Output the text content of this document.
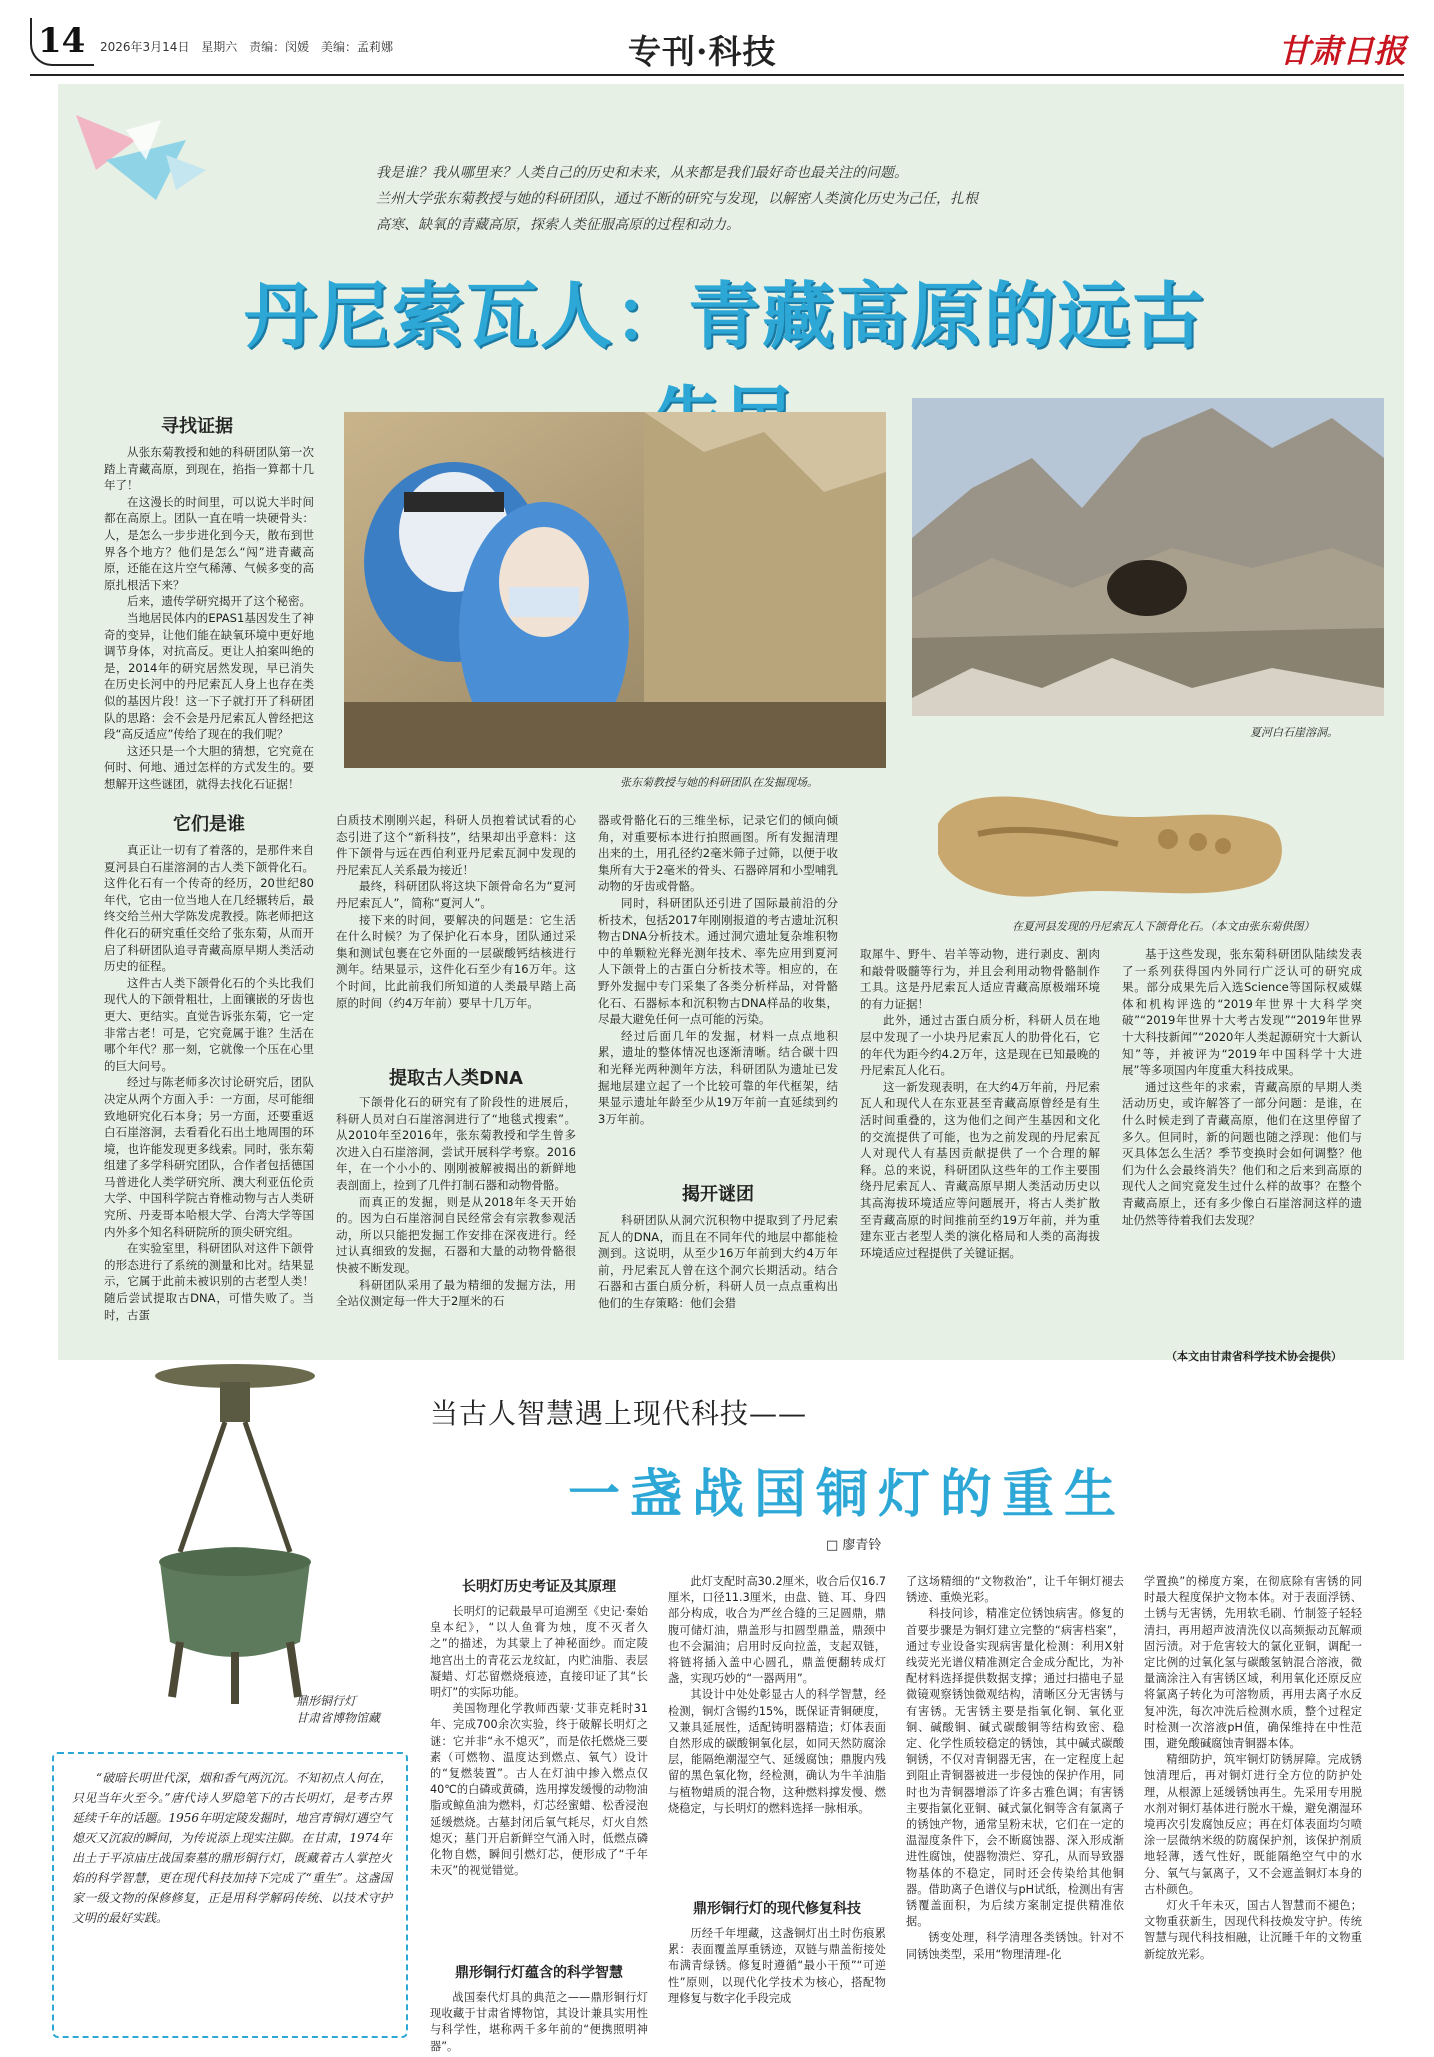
14	2026年3月14日 星期六 责编：闵媛 美编：孟莉娜	专刊·科技	甘肃日报

我是谁？我从哪里来？人类自己的历史和未来，从来都是我们最好奇也最关注的问题。

兰州大学张东菊教授与她的科研团队，通过不断的研究与发现，以解密人类演化历史为己任，扎根

高寒、缺氧的青藏高原，探索人类征服高原的过程和动力。

丹尼索瓦人：青藏高原的远古
张东菊教授与她的科研团队在发掘现场。
夏河白石崖溶洞。
在夏河县发现的丹尼索瓦人下颌骨化石。（本文由张东菊供图）
寻找证据

从张东菊教授和她的科研团队第一次踏上青藏高原，到现在，掐指一算都十几年了！

在这漫长的时间里，可以说大半时间都在高原上。团队一直在啃一块硬骨头：人，是怎么一步步进化到今天，散布到世界各个地方？他们是怎么“闯”进青藏高原，还能在这片空气稀薄、气候多变的高原扎根活下来？

后来，遗传学研究揭开了这个秘密。

当地居民体内的EPAS1基因发生了神奇的变异，让他们能在缺氧环境中更好地调节身体，对抗高反。更让人拍案叫绝的是，2014年的研究居然发现，早已消失在历史长河中的丹尼索瓦人身上也存在类似的基因片段！这一下子就打开了科研团队的思路：会不会是丹尼索瓦人曾经把这段“高反适应”传给了现在的我们呢？

这还只是一个大胆的猜想，它究竟在何时、何地、通过怎样的方式发生的。要想解开这些谜团，就得去找化石证据！

它们是谁

真正让一切有了着落的，是那件来自夏河县白石崖溶洞的古人类下颌骨化石。这件化石有一个传奇的经历，20世纪80年代，它由一位当地人在几经辗转后，最终交给兰州大学陈发虎教授。陈老师把这件化石的研究重任交给了张东菊，从而开启了科研团队追寻青藏高原早期人类活动历史的征程。

这件古人类下颌骨化石的个头比我们现代人的下颌骨粗壮，上面镶嵌的牙齿也更大、更结实。直觉告诉张东菊，它一定非常古老！可是，它究竟属于谁？生活在哪个年代？那一刻，它就像一个压在心里的巨大问号。

经过与陈老师多次讨论研究后，团队决定从两个方面入手：一方面，尽可能细致地研究化石本身；另一方面，还要重返白石崖溶洞，去看看化石出土地周围的环境，也许能发现更多线索。同时，张东菊组建了多学科研究团队，合作者包括德国马普进化人类学研究所、澳大利亚伍伦贡大学、中国科学院古脊椎动物与古人类研究所、丹麦哥本哈根大学、台湾大学等国内外多个知名科研院所的顶尖研究组。

在实验室里，科研团队对这件下颌骨的形态进行了系统的测量和比对。结果显示，它属于此前未被识别的古老型人类！随后尝试提取古DNA，可惜失败了。当时，古蛋

白质技术刚刚兴起，科研人员抱着试试看的心态引进了这个“新科技”，结果却出乎意料：这件下颌骨与远在西伯利亚丹尼索瓦洞中发现的丹尼索瓦人关系最为接近！

最终，科研团队将这块下颌骨命名为“夏河丹尼索瓦人”，简称“夏河人”。

接下来的时间，要解决的问题是：它生活在什么时候？为了保护化石本身，团队通过采集和测试包裹在它外面的一层碳酸钙结核进行测年。结果显示，这件化石至少有16万年。这个时间，比此前我们所知道的人类最早踏上高原的时间（约4万年前）要早十几万年。

提取古人类DNA

下颌骨化石的研究有了阶段性的进展后，科研人员对白石崖溶洞进行了“地毯式搜索”。从2010年至2016年，张东菊教授和学生曾多次进入白石崖溶洞，尝试开展科学考察。2016年，在一个小小的、刚刚被解被揭出的新鲜地表剖面上，捡到了几件打制石器和动物骨骼。

而真正的发掘，则是从2018年冬天开始的。因为白石崖溶洞自民经常会有宗教参观活动，所以只能把发掘工作安排在深夜进行。经过认真细致的发掘，石器和大量的动物骨骼很快被不断发现。

科研团队采用了最为精细的发掘方法，用全站仪测定每一件大于2厘米的石

器或骨骼化石的三维坐标，记录它们的倾向倾角，对重要标本进行拍照画图。所有发掘清理出来的土，用孔径约2毫米筛子过筛，以便于收集所有大于2毫米的骨头、石器碎屑和小型哺乳动物的牙齿或骨骼。

同时，科研团队还引进了国际最前沿的分析技术，包括2017年刚刚报道的考古遗址沉积物古DNA分析技术。通过洞穴遗址复杂堆积物中的单颗粒光释光测年技术、率先应用到夏河人下颌骨上的古蛋白分析技术等。相应的，在野外发掘中专门采集了各类分析样品，对骨骼化石、石器标本和沉积物古DNA样品的收集，尽最大避免任何一点可能的污染。

经过后面几年的发掘，材料一点点地积累，遗址的整体情况也逐渐清晰。结合碳十四和光释光两种测年方法，科研团队为遗址已发掘地层建立起了一个比较可靠的年代框架，结果显示遗址年龄至少从19万年前一直延续到约3万年前。

揭开谜团

科研团队从洞穴沉积物中提取到了丹尼索瓦人的DNA，而且在不同年代的地层中都能检测到。这说明，从至少16万年前到大约4万年前，丹尼索瓦人曾在这个洞穴长期活动。结合石器和古蛋白质分析，科研人员一点点重构出他们的生存策略：他们会猎

取犀牛、野牛、岩羊等动物，进行剥皮、割肉和敲骨吸髓等行为，并且会利用动物骨骼制作工具。这是丹尼索瓦人适应青藏高原极端环境的有力证据！

此外，通过古蛋白质分析，科研人员在地层中发现了一小块丹尼索瓦人的肋骨化石，它的年代为距今约4.2万年，这是现在已知最晚的丹尼索瓦人化石。

这一新发现表明，在大约4万年前，丹尼索瓦人和现代人在东亚甚至青藏高原曾经是有生活时间重叠的，这为他们之间产生基因和文化的交流提供了可能，也为之前发现的丹尼索瓦人对现代人有基因贡献提供了一个合理的解释。总的来说，科研团队这些年的工作主要围绕丹尼索瓦人、青藏高原早期人类活动历史以其高海拔环境适应等问题展开，将古人类扩散至青藏高原的时间推前至约19万年前，并为重建东亚古老型人类的演化格局和人类的高海拔环境适应过程提供了关键证据。

基于这些发现，张东菊科研团队陆续发表了一系列获得国内外同行广泛认可的研究成果。部分成果先后入选Science等国际权威媒体和机构评选的“2019年世界十大科学突破”“2019年世界十大考古发现”“2019年世界十大科技新闻”“2020年人类起源研究十大新认知”等，并被评为“2019年中国科学十大进展”等多项国内年度重大科技成果。

通过这些年的求索，青藏高原的早期人类活动历史，或许解答了一部分问题：是谁，在什么时候走到了青藏高原，他们在这里停留了多久。但同时，新的问题也随之浮现：他们与灭具体怎么生活？季节变换时会如何调整？他们为什么会最终消失？他们和之后来到高原的现代人之间究竟发生过什么样的故事？在整个青藏高原上，还有多少像白石崖溶洞这样的遗址仍然等待着我们去发现？

（本文由甘肃省科学技术协会提供）
鼎形铜行灯
甘肃省博物馆藏

“破暗长明世代深，烟和香气两沉沉。不知初点人何在，只见当年火至今。”唐代诗人罗隐笔下的古长明灯，是考古界延续千年的话题。1956年明定陵发掘时，地宫青铜灯遇空气熄灭又沉寂的瞬间，为传说添上现实注脚。在甘肃，1974年出土于平凉庙庄战国秦墓的鼎形铜行灯，既藏着古人掌控火焰的科学智慧，更在现代科技加持下完成了“重生”。这盏国家一级文物的保修修复，正是用科学解码传统、以技术守护文明的最好实践。

当古人智慧遇上现代科技——
一盏战国铜灯的重生
□ 廖青铃
长明灯历史考证及其原理

长明灯的记载最早可追溯至《史记·秦始皇本纪》，“以人鱼膏为烛，度不灭者久之”的描述，为其蒙上了神秘面纱。而定陵地宫出土的青花云龙纹缸，内贮油脂、表层凝蜡、灯芯留燃烧痕迹，直接印证了其“长明灯”的实际功能。

美国物理化学教师西蒙·艾菲克耗时31年、完成700余次实验，终于破解长明灯之谜：它并非“永不熄灭”，而是依托燃烧三要素（可燃物、温度达到燃点、氧气）设计的“复燃装置”。古人在灯油中掺入燃点仅40℃的白磷或黄磷，选用撑发缓慢的动物油脂或鲸鱼油为燃料，灯芯经蜜蜡、松香浸泡延缓燃烧。古墓封闭后氧气耗尽，灯火自然熄灭；墓门开启新鲜空气涌入时，低燃点磷化物自燃，瞬间引燃灯芯，便形成了“千年未灭”的视觉错觉。

鼎形铜行灯蕴含的科学智慧

战国秦代灯具的典范之——鼎形铜行灯现收藏于甘肃省博物馆，其设计兼具实用性与科学性，堪称两千多年前的“便携照明神器”。

此灯支配时高30.2厘米，收合后仅16.7厘米，口径11.3厘米，由盘、链、耳、身四部分构成，收合为严丝合缝的三足圆鼎，鼎腹可储灯油，鼎盖形与扣圆型鼎盖，鼎颈中也不会漏油；启用时反向拉盖，支起双链，将链将插入盖中心圆孔，鼎盖便翻转成灯盏，实现巧妙的“一器两用”。

其设计中处处彰显古人的科学智慧，经检测，铜灯含锡约15%，既保证青铜硬度，又兼具延展性，适配铸明器精造；灯体表面自然形成的碳酸铜氧化层，如同天然防腐涂层，能隔绝潮湿空气、延缓腐蚀；鼎腹内残留的黑色氧化物，经检测，确认为牛羊油脂与植物蜡质的混合物，这种燃料撑发慢、燃烧稳定，与长明灯的燃料选择一脉相承。

鼎形铜行灯的现代修复科技

历经千年埋藏，这盏铜灯出土时伤痕累累：表面覆盖厚重锈迹，双链与鼎盖衔接处布满青绿锈。修复时遵循“最小干预”“可逆性”原则，以现代化学技术为核心，搭配物理修复与数字化手段完成

了这场精细的“文物救治”，让千年铜灯褪去锈迹、重焕光彩。

科技问诊，精准定位锈蚀病害。修复的首要步骤是为铜灯建立完整的“病害档案”，通过专业设备实现病害量化检测：利用X射线荧光光谱仪精准测定合金成分配比，为补配材料选择提供数据支撑；通过扫描电子显微镜观察锈蚀微观结构，清晰区分无害锈与有害锈。无害锈主要是指氧化铜、氧化亚铜、碱酸铜、碱式碳酸铜等结构致密、稳定、化学性质较稳定的锈蚀，其中碱式碳酸铜锈，不仅对青铜器无害，在一定程度上起到阻止青铜器被进一步侵蚀的保护作用，同时也为青铜器增添了许多古雅色调；有害锈主要指氯化亚铜、碱式氯化铜等含有氯离子的锈蚀产物，通常呈粉末状，它们在一定的温湿度条件下，会不断腐蚀器、深入形成渐进性腐蚀，使器物溃烂、穿孔，从而导致器物基体的不稳定，同时还会传染给其他铜器。借助离子色谱仪与pH试纸，检测出有害锈覆盖面积，为后续方案制定提供精准依据。

锈变处理，科学清理各类锈蚀。针对不同锈蚀类型，采用“物理清理-化

学置换”的梯度方案，在彻底除有害锈的同时最大程度保护文物本体。对于表面浮锈、土锈与无害锈，先用软毛刷、竹制签子轻轻清扫，再用超声波清洗仪以高频振动瓦解顽固污渍。对于危害较大的氯化亚铜，调配一定比例的过氧化氢与碳酸氢钠混合溶液，微量滴涂注入有害锈区域，利用氧化还原反应将氯离子转化为可溶物质，再用去离子水反复冲洗，每次冲洗后检测水质，整个过程定时检测一次溶液pH值，确保维持在中性范围，避免酸碱腐蚀青铜器本体。

精细防护，筑牢铜灯防锈屏障。完成锈蚀清理后，再对铜灯进行全方位的防护处理，从根源上延缓锈蚀再生。先采用专用脱水剂对铜灯基体进行脱水干燥，避免潮湿环境再次引发腐蚀反应；再在灯体表面均匀喷涂一层微纳米级的防腐保护剂，该保护剂质地轻薄，透气性好，既能隔绝空气中的水分、氧气与氯离子，又不会遮盖铜灯本身的古朴颜色。

灯火千年未灭，国古人智慧而不褪色；文物重获新生，因现代科技焕发守护。传统智慧与现代科技相融，让沉睡千年的文物重新绽放光彩。
